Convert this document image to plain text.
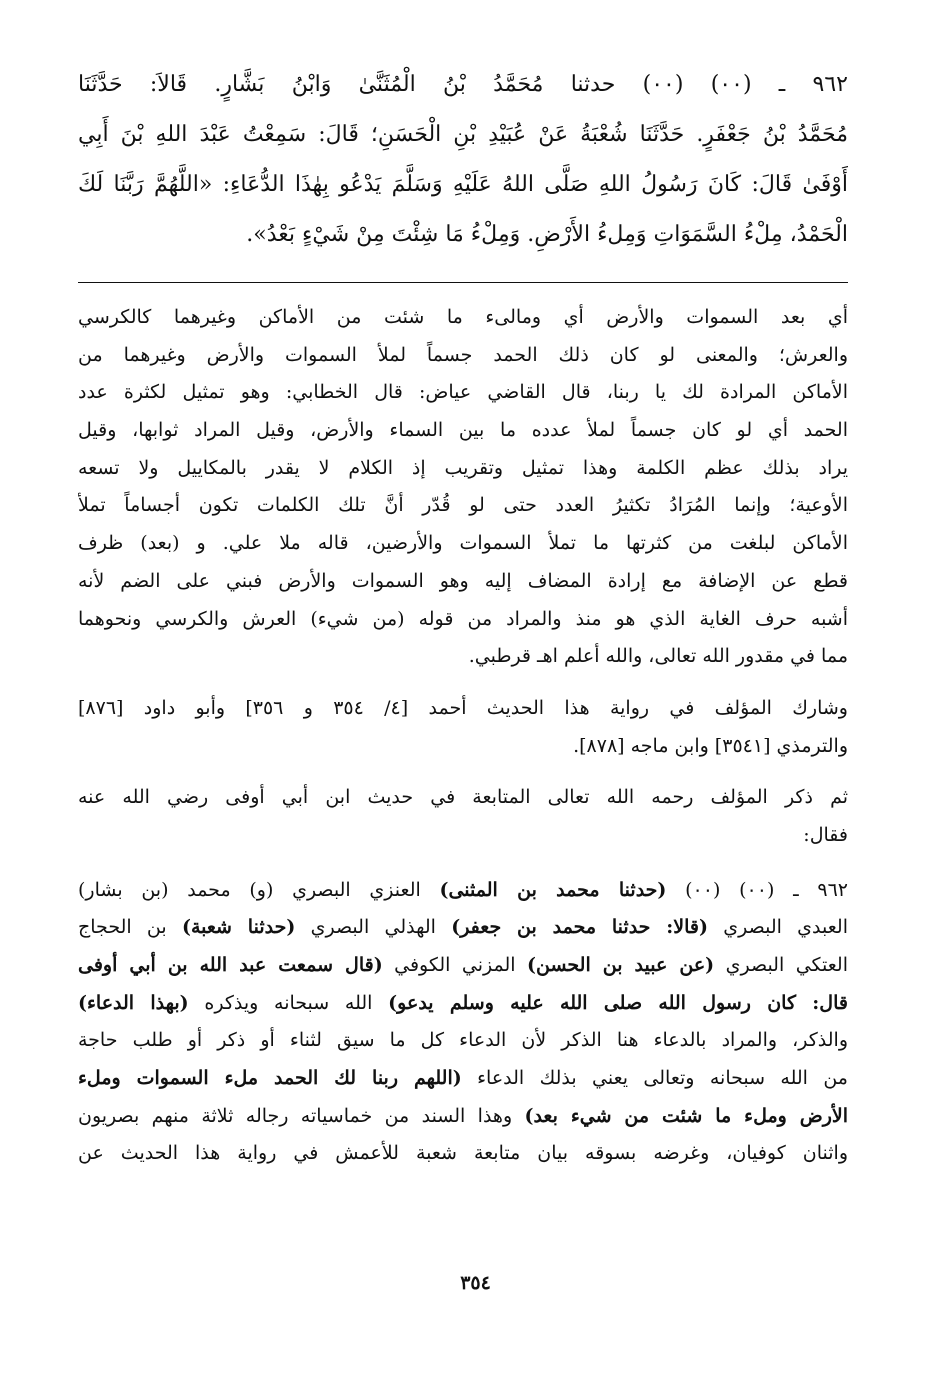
٩٦٢ ـ (٠٠) (٠٠) حدثنا مُحَمَّدُ بْنُ الْمُثَنَّىٰ وَابْنُ بَشَّارٍ. قَالاَ: حَدَّثَنَا
مُحَمَّدُ بْنُ جَعْفَرٍ. حَدَّثَنَا شُعْبَةُ عَنْ عُبَيْدِ بْنِ الْحَسَنِ؛ قَالَ: سَمِعْتُ عَبْدَ اللهِ بْنَ أَبِي
أَوْفَىٰ قَالَ: كَانَ رَسُولُ اللهِ صَلَّى اللهُ عَلَيْهِ وَسَلَّمَ يَدْعُو بِهٰذَا الدُّعَاءِ: «اللَّهُمَّ رَبَّنَا لَكَ
الْحَمْدُ، مِلْءُ السَّمَوَاتِ وَمِلءُ الأَرْضِ. وَمِلْءُ مَا شِئْتَ مِنْ شَيْءٍ بَعْدُ».
أي بعد السموات والأرض أي ومالىء ما شئت من الأماكن وغيرهما كالكرسي
والعرش؛ والمعنى لو كان ذلك الحمد جسماً لملأ السموات والأرض وغيرهما من
الأماكن المرادة لك يا ربنا، قال القاضي عياض: قال الخطابي: وهو تمثيل لكثرة عدد
الحمد أي لو كان جسماً لملأ عدده ما بين السماء والأرض، وقيل المراد ثوابها، وقيل
يراد بذلك عظم الكلمة وهذا تمثيل وتقريب إذ الكلام لا يقدر بالمكاييل ولا تسعه
الأوعية؛ وإنما المُرَادُ تكثيرُ العدد حتى لو قُدّر أنَّ تلك الكلمات تكون أجساماً تملأ
الأماكن لبلغت من كثرتها ما تملأ السموات والأرضين، قاله ملا علي. و (بعد) ظرف
قطع عن الإضافة مع إرادة المضاف إليه وهو السموات والأرض فبني على الضم لأنه
أشبه حرف الغاية الذي هو منذ والمراد من قوله (من شيء) العرش والكرسي ونحوهما
مما في مقدور الله تعالى، والله أعلم اهـ قرطبي.
وشارك المؤلف في رواية هذا الحديث أحمد [٤/ ٣٥٤ و ٣٥٦] وأبو داود [٨٧٦]
والترمذي [٣٥٤١] وابن ماجه [٨٧٨].
ثم ذكر المؤلف رحمه الله تعالى المتابعة في حديث ابن أبي أوفى رضي الله عنه
فقال:
٩٦٢ ـ (٠٠) (٠٠) (حدثنا محمد بن المثنى) العنزي البصري (و) محمد (بن بشار)
العبدي البصري (قالا: حدثنا محمد بن جعفر) الهذلي البصري (حدثنا شعبة) بن الحجاج
العتكي البصري (عن عبيد بن الحسن) المزني الكوفي (قال سمعت عبد الله بن أبي أوفى
قال: كان رسول الله صلى الله عليه وسلم يدعو) الله سبحانه ويذكره (بهذا الدعاء)
والذكر، والمراد بالدعاء هنا الذكر لأن الدعاء كل ما سيق لثناء أو ذكر أو طلب حاجة
من الله سبحانه وتعالى يعني بذلك الدعاء (اللهم ربنا لك الحمد ملء السموات وملء
الأرض وملء ما شئت من شيء بعد) وهذا السند من خماسياته رجاله ثلاثة منهم بصريون
واثنان كوفيان، وغرضه بسوقه بيان متابعة شعبة للأعمش في رواية هذا الحديث عن
٣٥٤
